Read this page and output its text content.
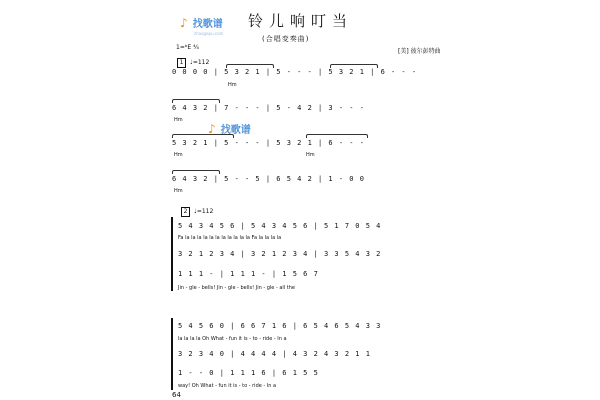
♪ 找歌谱
zhaogepu.com
♪ 找歌谱
铃儿响叮当
(合唱变奏曲)
1=ᵇE ⁴⁄₄
[美] 彼尔彭特曲
1	♩=112
0 0 0 0 | 5 3 2 1 | 5 - - - | 5 3 2 1 | 6 - - -
Hm
6 4 3 2 | 7 - - - | 5 - 4 2 | 3 - - -
Hm
5 3 2 1 | 5 - - - | 5 3 2 1 | 6 - - -
Hm	Hm
6 4 3 2 | 5 - - 5 | 6 5 4 2 | 1 - 0 0
Hm
2	♩=112
5 4 3 4 5 6 | 5 4 3 4 5 6 | 5 1 7 0 5 4
Fa la la la la la la la la la la la Fa la la la la
3 2 1 2 3 4 | 3 2 1 2 3 4 | 3 3 5 4 3 2
1 1 1 - | 1 1 1 - | 1 5 6 7
Jin - gle - bells! Jin - gle - bells! Jin - gle - all the
5 4 5 6 0 | 6 6 7 1 6 | 6 5 4 6 5 4 3 3
la la la la Oh What - fun it is - to - ride - In a
3 2 3 4 0 | 4 4 4 4 | 4 3 2 4 3 2 1 1
1 - - 0 | 1 1 1 6 | 6 1 5 5
way! Oh What - fun it is - to - ride - In a
64
